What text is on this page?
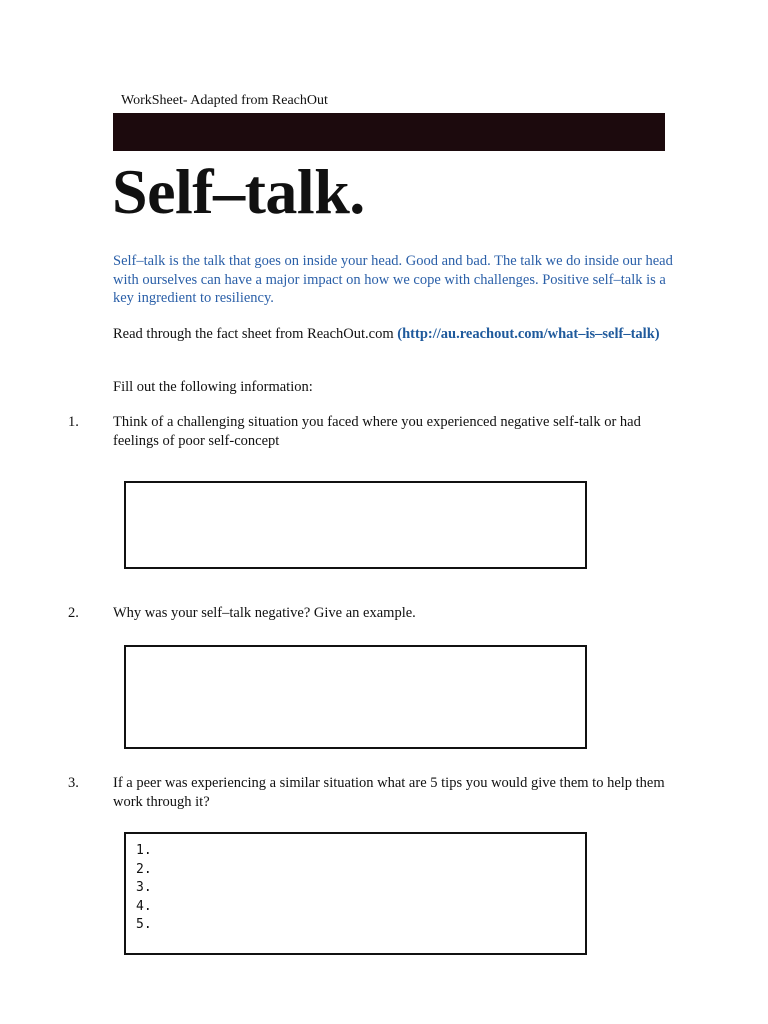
WorkSheet- Adapted from ReachOut
Self–talk.
Self–talk is the talk that goes on inside your head. Good and bad. The talk we do inside our head with ourselves can have a major impact on how we cope with challenges. Positive self–talk is a key ingredient to resiliency.
Read through the fact sheet from ReachOut.com (http://au.reachout.com/what–is–self–talk)
Fill out the following information:
1. Think of a challenging situation you faced where you experienced negative self-talk or had feelings of poor self-concept
2. Why was your self–talk negative? Give an example.
3. If a peer was experiencing a similar situation what are 5 tips you would give them to help them work through it?
1.
2.
3.
4.
5.
